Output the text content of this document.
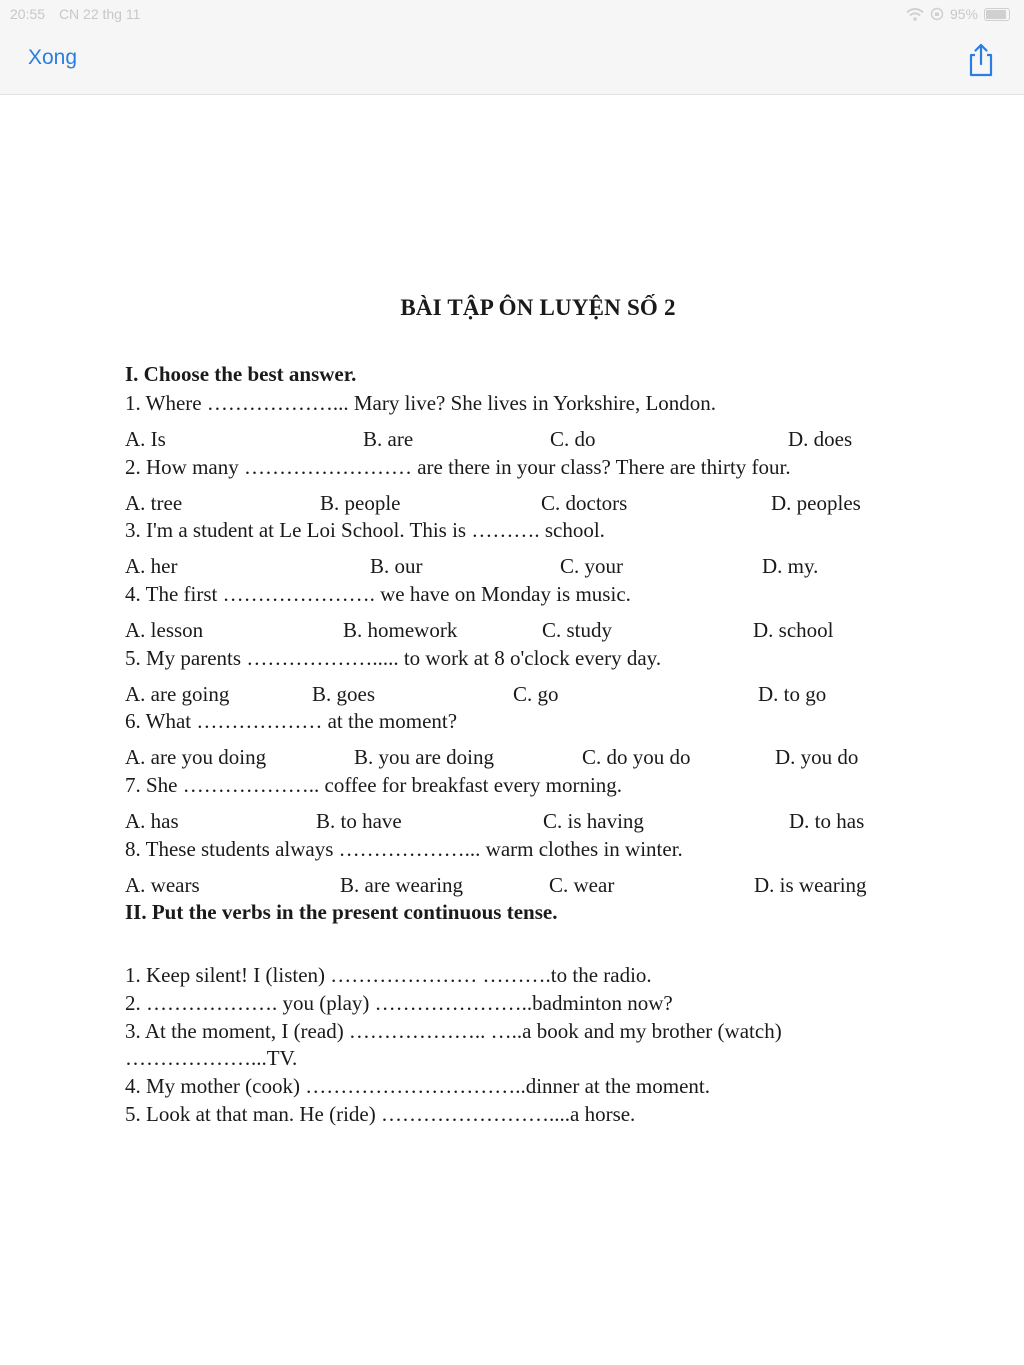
20:55 CN 22 thg 11	95%
Xong
BÀI TẬP ÔN LUYỆN SỐ 2
I. Choose the best answer.
1. Where ………………... Mary live? She lives in Yorkshire, London.
A. Is	B. are	C. do	D. does
2. How many …………………… are there in your class? There are thirty four.
A. tree	B. people	C. doctors	D. peoples
3. I'm a student at Le Loi School. This is ………. school.
A. her	B. our	C. your	D. my.
4. The first …………………. we have on Monday is music.
A. lesson	B. homework	C. study	D. school
5. My parents ………………..... to work at 8 o'clock every day.
A. are going	B. goes	C. go	D. to go
6. What ……………… at the moment?
A. are you doing	B. you are doing	C. do you do	D. you do
7. She ……………….. coffee for breakfast every morning.
A. has	B. to have	C. is having	D. to has
8. These students always ………………... warm clothes in winter.
A. wears	B. are wearing	C. wear	D. is wearing
II. Put the verbs in the present continuous tense.
1. Keep silent! I (listen) ………………… ……….to the radio.
2. ………………. you (play) …………………..badminton now?
3. At the moment, I (read) ……………….. …..a book and my brother (watch)
………………...TV.
4. My mother (cook) …………………………..dinner at the moment.
5. Look at that man. He (ride) ……………………....a horse.
